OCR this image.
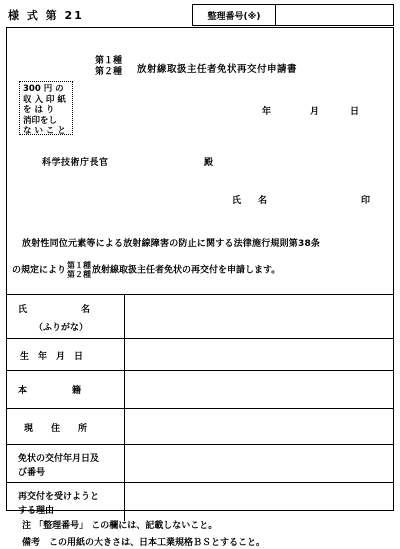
様 式 第 21	整理番号(※)
第１種
第２種 放射線取扱主任者免状再交付申請書
300 円 の
収 入 印 紙
を は り
消印をし
な い こ と
年	月	日
科学技術庁長官	殿
氏　名	印
放射性同位元素等による放射線障害の防止に関する法律施行規則第38条
の規定により 第１種
第２種 放射線取扱主任者免状の再交付を申請します。
氏　　　　　　名
（ふりがな）	

生　年　月　日	

本　　　　　籍	

現　　住　　所	

免状の交付年月日及
び番号	

再交付を受けようと
する理由	

注 「整理番号」 この欄には、記載しないこと。
備考　この用紙の大きさは、日本工業規格ＢＳとすること。
